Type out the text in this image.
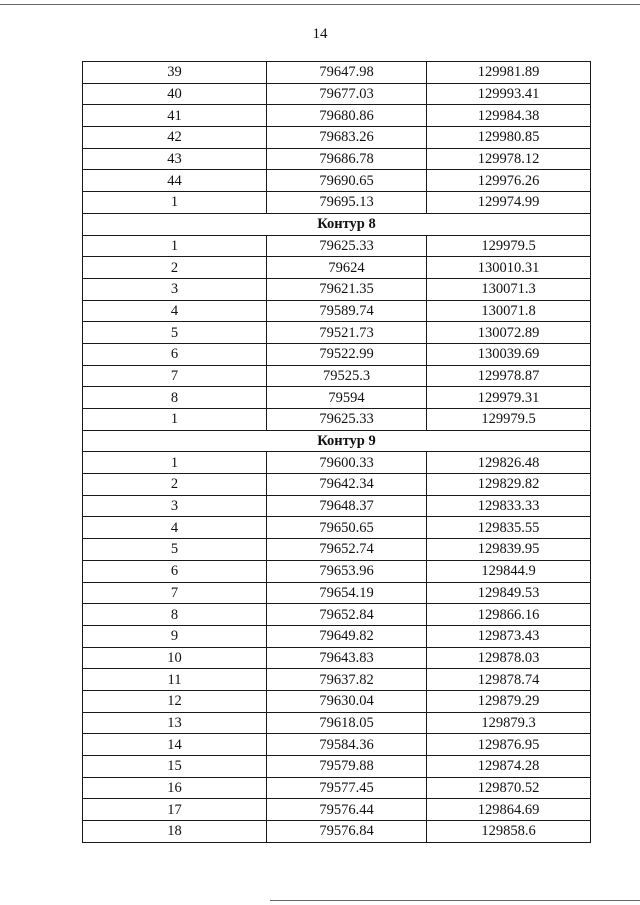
14
39	79647.98	129981.89
40	79677.03	129993.41
41	79680.86	129984.38
42	79683.26	129980.85
43	79686.78	129978.12
44	79690.65	129976.26
1	79695.13	129974.99
Контур 8		
1	79625.33	129979.5
2	79624	130010.31
3	79621.35	130071.3
4	79589.74	130071.8
5	79521.73	130072.89
6	79522.99	130039.69
7	79525.3	129978.87
8	79594	129979.31
1	79625.33	129979.5
Контур 9		
1	79600.33	129826.48
2	79642.34	129829.82
3	79648.37	129833.33
4	79650.65	129835.55
5	79652.74	129839.95
6	79653.96	129844.9
7	79654.19	129849.53
8	79652.84	129866.16
9	79649.82	129873.43
10	79643.83	129878.03
11	79637.82	129878.74
12	79630.04	129879.29
13	79618.05	129879.3
14	79584.36	129876.95
15	79579.88	129874.28
16	79577.45	129870.52
17	79576.44	129864.69
18	79576.84	129858.6
